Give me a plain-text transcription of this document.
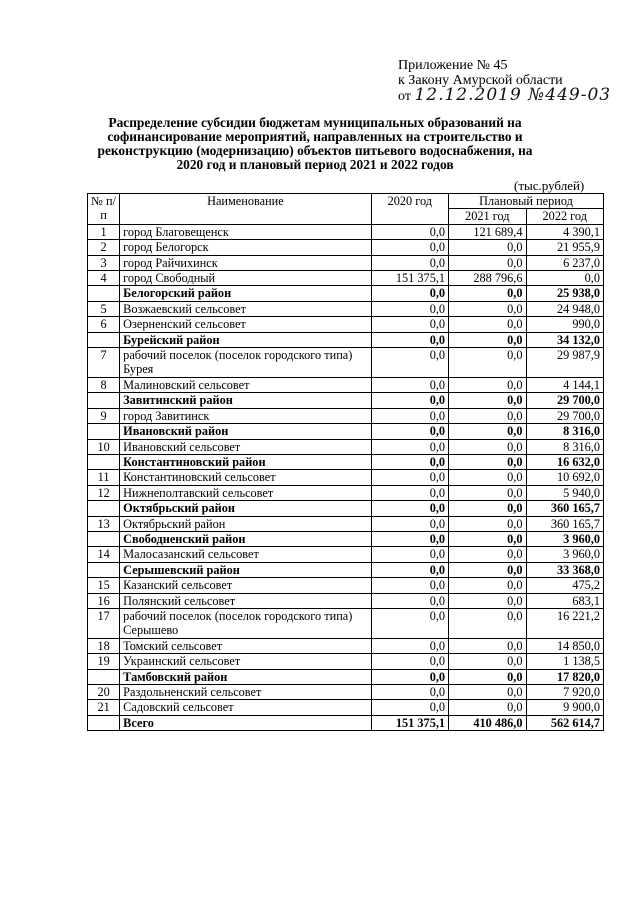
Приложение № 45
к Закону Амурской области
от 12.12.2019 №449-03
Распределение субсидии бюджетам муниципальных образований на софинансирование мероприятий, направленных на строительство и реконструкцию (модернизацию) объектов питьевого водоснабжения, на 2020 год и плановый период 2021 и 2022 годов
(тыс.рублей)
№ п/п	Наименование	2020 год	Плановый период	
			2021 год	2022 год
1	город Благовещенск	0,0	121 689,4	4 390,1
2	город Белогорск	0,0	0,0	21 955,9
3	город Райчихинск	0,0	0,0	6 237,0
4	город Свободный	151 375,1	288 796,6	0,0
	Белогорский район	0,0	0,0	25 938,0
5	Возжаевский сельсовет	0,0	0,0	24 948,0
6	Озерненский сельсовет	0,0	0,0	990,0
	Бурейский район	0,0	0,0	34 132,0
7	рабочий поселок (поселок городского типа) Бурея	0,0	0,0	29 987,9
8	Малиновский сельсовет	0,0	0,0	4 144,1
	Завитинский район	0,0	0,0	29 700,0
9	город Завитинск	0,0	0,0	29 700,0
	Ивановский район	0,0	0,0	8 316,0
10	Ивановский сельсовет	0,0	0,0	8 316,0
	Константиновский район	0,0	0,0	16 632,0
11	Константиновский сельсовет	0,0	0,0	10 692,0
12	Нижнеполтавский сельсовет	0,0	0,0	5 940,0
	Октябрьский район	0,0	0,0	360 165,7
13	Октябрьский район	0,0	0,0	360 165,7
	Свободненский район	0,0	0,0	3 960,0
14	Малосазанский сельсовет	0,0	0,0	3 960,0
	Серышевский район	0,0	0,0	33 368,0
15	Казанский сельсовет	0,0	0,0	475,2
16	Полянский сельсовет	0,0	0,0	683,1
17	рабочий поселок (поселок городского типа) Серышево	0,0	0,0	16 221,2
18	Томский сельсовет	0,0	0,0	14 850,0
19	Украинский сельсовет	0,0	0,0	1 138,5
	Тамбовский район	0,0	0,0	17 820,0
20	Раздольненский сельсовет	0,0	0,0	7 920,0
21	Садовский сельсовет	0,0	0,0	9 900,0
	Всего	151 375,1	410 486,0	562 614,7
